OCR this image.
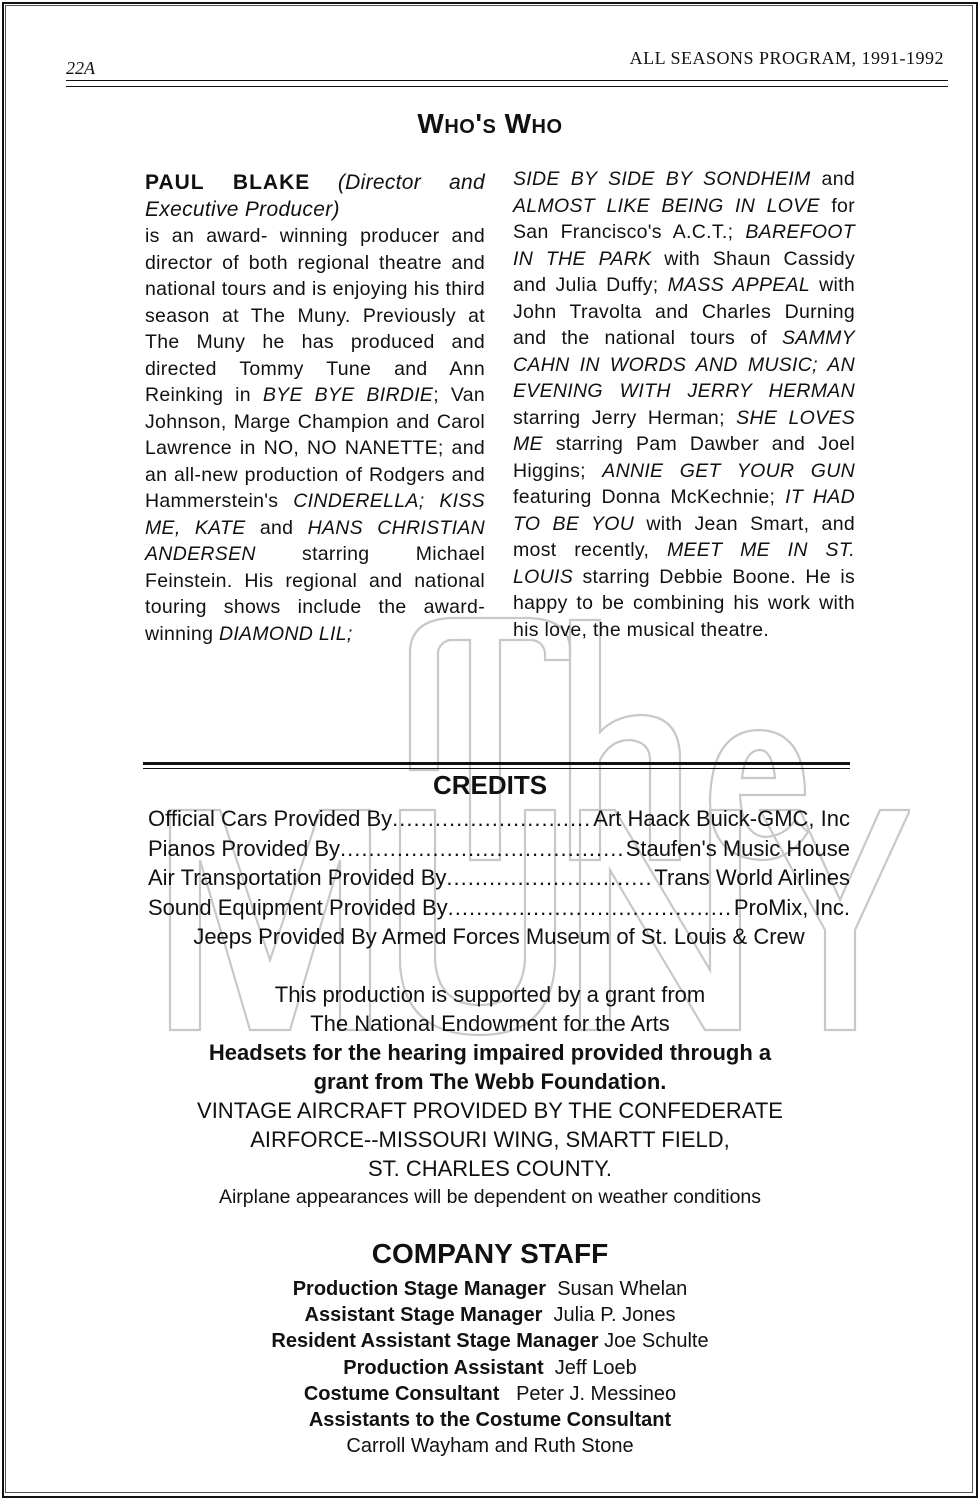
22A	ALL SEASONS PROGRAM, 1991-1992
Who's Who
PAUL BLAKE (Director and Executive Producer)
is an award- winning producer and director of both regional theatre and national tours and is enjoying his third season at The Muny. Previously at The Muny he has produced and directed Tommy Tune and Ann Reinking in BYE BYE BIRDIE; Van Johnson, Marge Champion and Carol Lawrence in NO, NO NANETTE; and an all-new production of Rodgers and Hammerstein's CINDERELLA; KISS ME, KATE and HANS CHRISTIAN ANDERSEN starring Michael Feinstein. His regional and national touring shows include the award-winning DIAMOND LIL;
SIDE BY SIDE BY SONDHEIM and ALMOST LIKE BEING IN LOVE for San Francisco's A.C.T.; BAREFOOT IN THE PARK with Shaun Cassidy and Julia Duffy; MASS APPEAL with John Travolta and Charles Durning and the national tours of SAMMY CAHN IN WORDS AND MUSIC; AN EVENING WITH JERRY HERMAN starring Jerry Herman; SHE LOVES ME starring Pam Dawber and Joel Higgins; ANNIE GET YOUR GUN featuring Donna McKechnie; IT HAD TO BE YOU with Jean Smart, and most recently, MEET ME IN ST. LOUIS starring Debbie Boone. He is happy to be combining his work with his love, the musical theatre.
CREDITS
Official Cars Provided By .....	Art Haack Buick-GMC, Inc
Pianos Provided By .....	Staufen's Music House
Air Transportation Provided By .....	Trans World Airlines
Sound Equipment Provided By .....	ProMix, Inc.
Jeeps Provided By Armed Forces Museum of St. Louis & Crew
This production is supported by a grant from
The National Endowment for the Arts
Headsets for the hearing impaired provided through a
grant from The Webb Foundation.
VINTAGE AIRCRAFT PROVIDED BY THE CONFEDERATE
AIRFORCE--MISSOURI WING, SMARTT FIELD,
ST. CHARLES COUNTY.
Airplane appearances will be dependent on weather conditions
COMPANY STAFF
Production Stage Manager Susan Whelan
Assistant Stage Manager Julia P. Jones
Resident Assistant Stage Manager Joe Schulte
Production Assistant Jeff Loeb
Costume Consultant Peter J. Messineo
Assistants to the Costume Consultant
Carroll Wayham and Ruth Stone
